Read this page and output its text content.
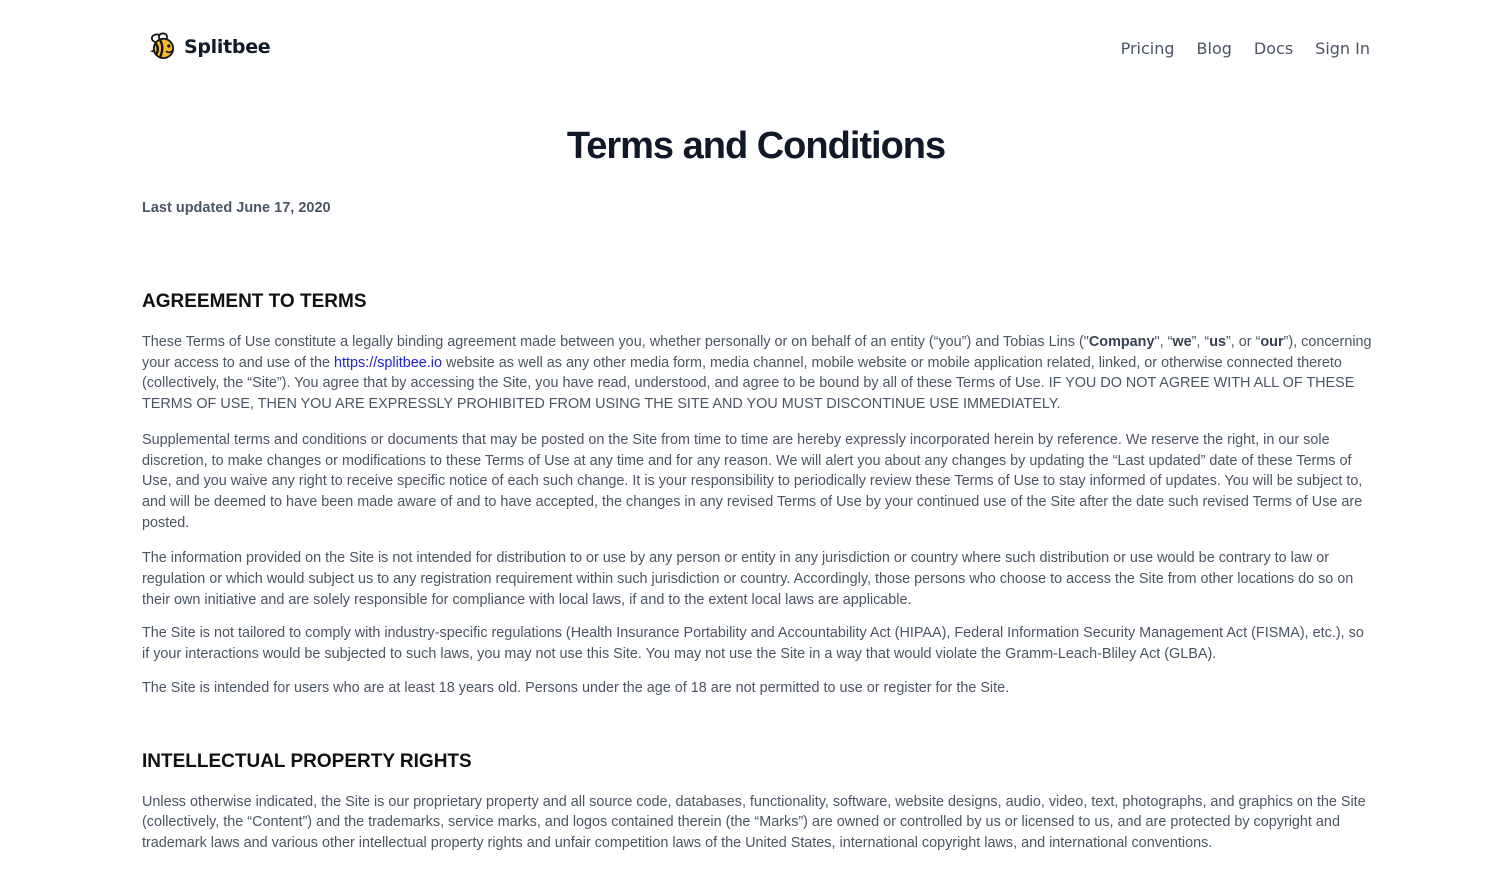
Splitbee	Pricing Blog Docs Sign In
Terms and Conditions

Last updated June 17, 2020

AGREEMENT TO TERMS

These Terms of Use constitute a legally binding agreement made between you, whether personally or on behalf of an entity (“you”) and Tobias Lins ("Company", “we”, “us”, or “our”), concerning your access to and use of the https://splitbee.io website as well as any other media form, media channel, mobile website or mobile application related, linked, or otherwise connected thereto (collectively, the “Site”). You agree that by accessing the Site, you have read, understood, and agree to be bound by all of these Terms of Use. IF YOU DO NOT AGREE WITH ALL OF THESE TERMS OF USE, THEN YOU ARE EXPRESSLY PROHIBITED FROM USING THE SITE AND YOU MUST DISCONTINUE USE IMMEDIATELY.

Supplemental terms and conditions or documents that may be posted on the Site from time to time are hereby expressly incorporated herein by reference. We reserve the right, in our sole discretion, to make changes or modifications to these Terms of Use at any time and for any reason. We will alert you about any changes by updating the “Last updated” date of these Terms of Use, and you waive any right to receive specific notice of each such change. It is your responsibility to periodically review these Terms of Use to stay informed of updates. You will be subject to, and will be deemed to have been made aware of and to have accepted, the changes in any revised Terms of Use by your continued use of the Site after the date such revised Terms of Use are posted.

The information provided on the Site is not intended for distribution to or use by any person or entity in any jurisdiction or country where such distribution or use would be contrary to law or regulation or which would subject us to any registration requirement within such jurisdiction or country. Accordingly, those persons who choose to access the Site from other locations do so on their own initiative and are solely responsible for compliance with local laws, if and to the extent local laws are applicable.

The Site is not tailored to comply with industry-specific regulations (Health Insurance Portability and Accountability Act (HIPAA), Federal Information Security Management Act (FISMA), etc.), so if your interactions would be subjected to such laws, you may not use this Site. You may not use the Site in a way that would violate the Gramm-Leach-Bliley Act (GLBA).

The Site is intended for users who are at least 18 years old. Persons under the age of 18 are not permitted to use or register for the Site.

INTELLECTUAL PROPERTY RIGHTS

Unless otherwise indicated, the Site is our proprietary property and all source code, databases, functionality, software, website designs, audio, video, text, photographs, and graphics on the Site (collectively, the “Content”) and the trademarks, service marks, and logos contained therein (the “Marks”) are owned or controlled by us or licensed to us, and are protected by copyright and trademark laws and various other intellectual property rights and unfair competition laws of the United States, international copyright laws, and international conventions.
